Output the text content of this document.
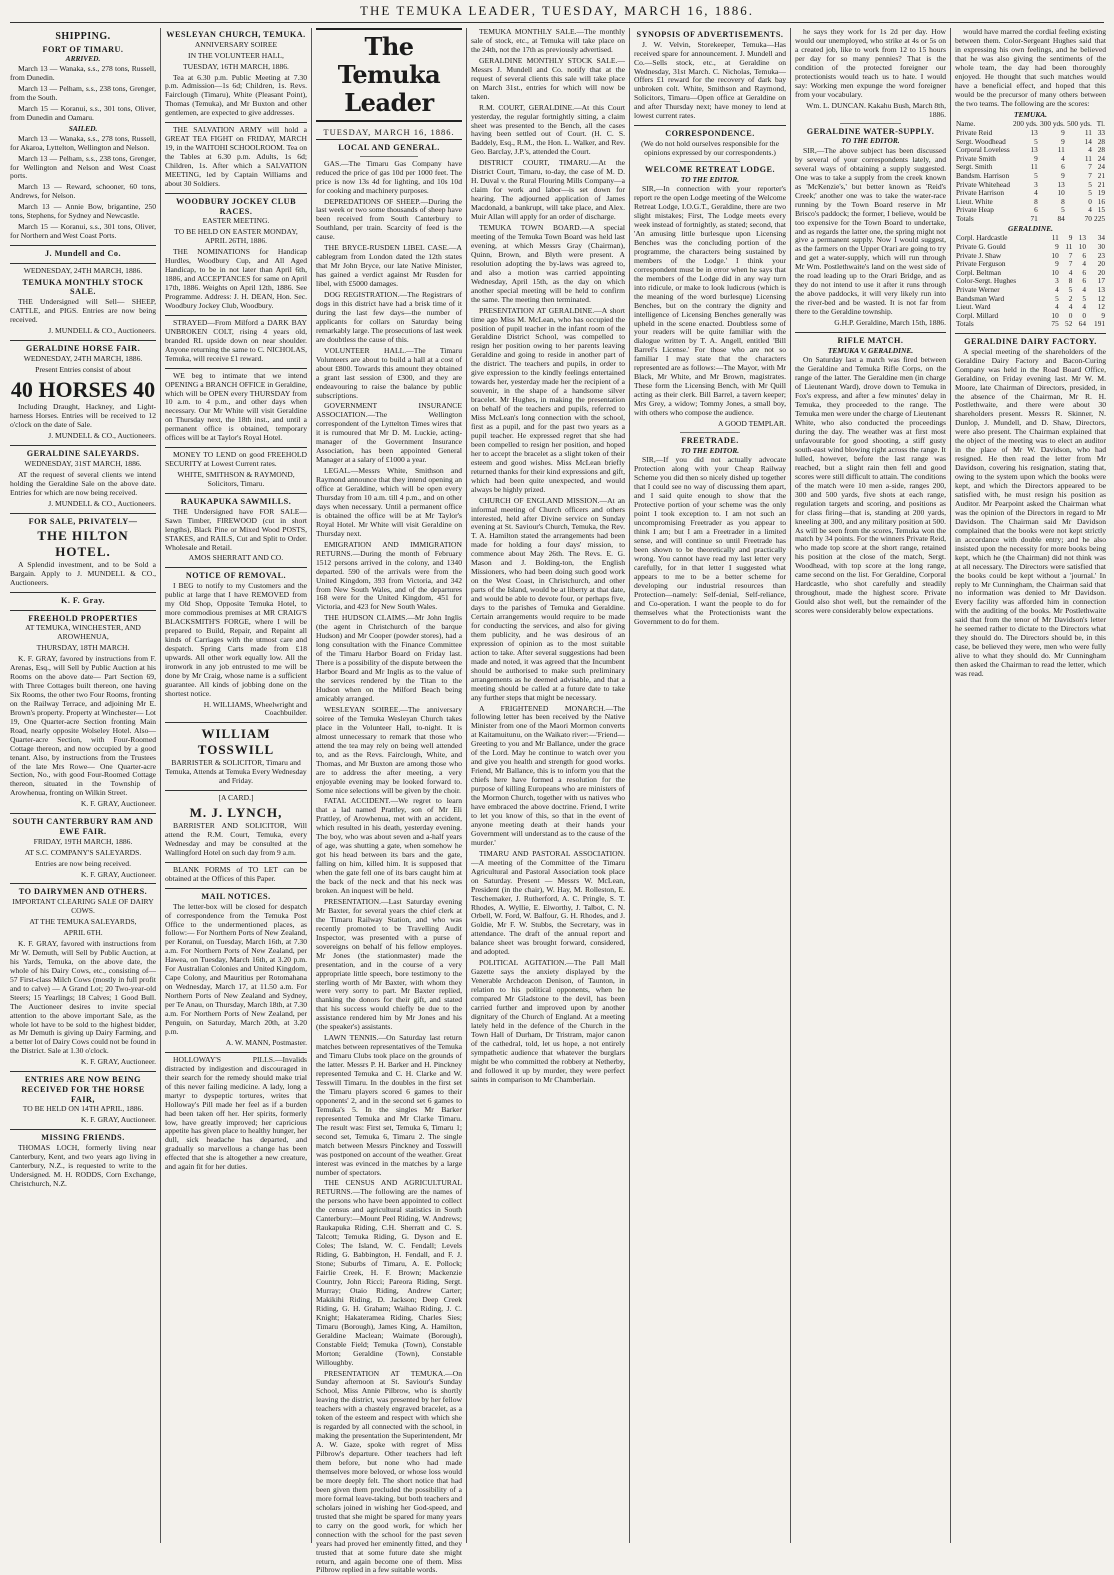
THE TEMUKA LEADER, TUESDAY, MARCH 16, 1886.
SHIPPING.
FORT OF TIMARU.
ARRIVED.

March 13 — Wanaka, s.s., 278 tons, Russell, from Dunedin.

March 13 — Pelham, s.s., 238 tons, Grenger, from the South.

March 15 — Koranui, s.s., 301 tons, Oliver, from Dunedin and Oamaru.

SAILED.

March 13 — Wanaka, s.s., 278 tons, Russell, for Akaroa, Lyttelton, Wellington and Nelson.

March 13 — Pelham, s.s., 238 tons, Grenger, for Wellington and Nelson and West Coast ports.

March 13 — Reward, schooner, 60 tons, Andrews, for Nelson.

March 13 — Annie Bow, brigantine, 250 tons, Stephens, for Sydney and Newcastle.

March 15 — Koranui, s.s., 301 tons, Oliver, for Northern and West Coast Ports.

J. Mundell and Co.

WEDNESDAY, 24TH MARCH, 1886.

TEMUKA MONTHLY STOCK SALE.

THE Undersigned will Sell— SHEEP, CATTLE, and PIGS. Entries are now being received.

J. MUNDELL & CO., Auctioneers.

GERALDINE HORSE FAIR.

WEDNESDAY, 24TH MARCH, 1886.

Present Entries consist of about

40 HORSES 40

Including Draught, Hackney, and Light-harness Horses. Entries will be received to 12 o'clock on the date of Sale.

J. MUNDELL & CO., Auctioneers.

GERALDINE SALEYARDS.

WEDNESDAY, 31ST MARCH, 1886.

AT the request of several clients we intend holding the Geraldine Sale on the above date. Entries for which are now being received.

J. MUNDELL & CO., Auctioneers.

FOR SALE, PRIVATELY—

THE HILTON HOTEL.

A Splendid investment, and to be Sold a Bargain. Apply to J. MUNDELL & CO., Auctioneers.

K. F. Gray.
FREEHOLD PROPERTIES

AT TEMUKA, WINCHESTER, AND AROWHENUA,

THURSDAY, 18TH MARCH.

K. F. GRAY, favored by instructions from F. Arenas, Esq., will Sell by Public Auction at his Rooms on the above date— Part Section 69, with Three Cottages built thereon, one having Six Rooms, the other two Four Rooms, fronting on the Railway Terrace, and adjoining Mr E. Brown's property. Property at Winchester— Lot 19, One Quarter-acre Section fronting Main Road, nearly opposite Wolseley Hotel. Also— Quarter-acre Section, with Four-Roomed Cottage thereon, and now occupied by a good tenant. Also, by instructions from the Trustees of the late Mrs Rowe— One Quarter-acre Section, No., with good Four-Roomed Cottage thereon, situated in the Township of Arowhenua, fronting on Wilkin Street.

K. F. GRAY, Auctioneer.

SOUTH CANTERBURY RAM AND EWE FAIR.

FRIDAY, 19TH MARCH, 1886.

AT S.C. COMPANY'S SALEYARDS.

Entries are now being received.

K. F. GRAY, Auctioneer.

TO DAIRYMEN AND OTHERS.

IMPORTANT CLEARING SALE OF DAIRY COWS.

AT THE TEMUKA SALEYARDS,

APRIL 6TH.

K. F. GRAY, favored with instructions from Mr W. Demuth, will Sell by Public Auction, at his Yards, Temuka, on the above date, the whole of his Dairy Cows, etc., consisting of— 57 First-class Milch Cows (mostly in full profit and to calve) — A Grand Lot; 20 Two-year-old Steers; 15 Yearlings; 18 Calves; 1 Good Bull. The Auctioneer desires to invite special attention to the above important Sale, as the whole lot have to be sold to the highest bidder, as Mr Demuth is giving up Dairy Farming, and a better lot of Dairy Cows could not be found in the District. Sale at 1.30 o'clock.

K. F. GRAY, Auctioneer.

ENTRIES ARE NOW BEING RECEIVED FOR THE HORSE FAIR,

TO BE HELD ON 14TH APRIL, 1886.

K. F. GRAY, Auctioneer.

MISSING FRIENDS.

THOMAS LOCH, formerly living near Canterbury, Kent, and two years ago living in Canterbury, N.Z., is requested to write to the Undersigned. M. H. RODDS, Corn Exchange, Christchurch, N.Z.

WESLEYAN CHURCH, TEMUKA.

ANNIVERSARY SOIREE

IN THE VOLUNTEER HALL,

TUESDAY, 16TH MARCH, 1886.

Tea at 6.30 p.m. Public Meeting at 7.30 p.m. Admission—1s 6d; Children, 1s. Revs. Fairclough (Timaru), White (Pleasant Point), Thomas (Temuka), and Mr Buxton and other gentlemen, are expected to give addresses.

THE SALVATION ARMY will hold a GREAT TEA FIGHT on FRIDAY, MARCH 19, in the WAITOHI SCHOOLROOM. Tea on the Tables at 6.30 p.m. Adults, 1s 6d; Children, 1s. After which a SALVATION MEETING, led by Captain Williams and about 30 Soldiers.

WOODBURY JOCKEY CLUB RACES.

EASTER MEETING.

TO BE HELD ON EASTER MONDAY, APRIL 26TH, 1886.

THE NOMINATIONS for Handicap Hurdles, Woodbury Cup, and All Aged Handicap, to be in not later than April 6th, 1886, and ACCEPTANCES for same on April 17th, 1886. Weights on April 12th, 1886. See Programme. Address: J. H. DEAN, Hon. Sec. Woodbury Jockey Club, Woodbury.

STRAYED—From Milford a DARK BAY UNBROKEN COLT, rising 4 years old, branded RL upside down on near shoulder. Anyone returning the same to C. NICHOLAS, Temuka, will receive £1 reward.

WE beg to intimate that we intend OPENING a BRANCH OFFICE in Geraldine, which will be OPEN every THURSDAY from 10 a.m. to 4 p.m., and other days when necessary. Our Mr White will visit Geraldine on Thursday next, the 18th inst., and until a permanent office is obtained, temporary offices will be at Taylor's Royal Hotel.

MONEY TO LEND on good FREEHOLD SECURITY at Lowest Current rates.

WHITE, SMITHSON & RAYMOND, Solicitors, Timaru.

RAUKAPUKA SAWMILLS.

THE Undersigned have FOR SALE— Sawn Timber, FIREWOOD (cut in short lengths), Black Pine or Mixed Wood POSTS, STAKES, and RAILS, Cut and Split to Order. Wholesale and Retail.

AMOS SHERRATT AND CO.

NOTICE OF REMOVAL.

I BEG to notify to my Customers and the public at large that I have REMOVED from my Old Shop, Opposite Temuka Hotel, to more commodious premises at MR CRAIG'S BLACKSMITH'S FORGE, where I will be prepared to Build, Repair, and Repaint all kinds of Carriages with the utmost care and despatch. Spring Carts made from £18 upwards. All other work equally low. All the ironwork in any job entrusted to me will be done by Mr Craig, whose name is a sufficient guarantee. All kinds of jobbing done on the shortest notice.

H. WILLIAMS, Wheelwright and Coachbuilder.

WILLIAM TOSSWILL

BARRISTER & SOLICITOR, Timaru and Temuka, Attends at Temuka Every Wednesday and Friday.

[A CARD.]

M. J. LYNCH,

BARRISTER AND SOLICITOR, Will attend the R.M. Court, Temuka, every Wednesday and may be consulted at the Wallingford Hotel on such day from 9 a.m.

BLANK FORMS of TO LET can be obtained at the Offices of this Paper.

MAIL NOTICES.

The letter-box will be closed for despatch of correspondence from the Temuka Post Office to the undermentioned places, as follow:— For Northern Ports of New Zealand, per Koranui, on Tuesday, March 16th, at 7.30 a.m. For Northern Ports of New Zealand, per Hawea, on Tuesday, March 16th, at 3.20 p.m. For Australian Colonies and United Kingdom, Cape Colony, and Mauritius per Rotomahana on Wednesday, March 17, at 11.50 a.m. For Northern Ports of New Zealand and Sydney, per Te Anau, on Thursday, March 18th, at 7.30 a.m. For Northern Ports of New Zealand, per Penguin, on Saturday, March 20th, at 3.20 p.m.

A. W. MANN, Postmaster.

HOLLOWAY'S PILLS.—Invalids distracted by indigestion and discouraged in their search for the remedy should make trial of this never failing medicine. A lady, long a martyr to dyspeptic tortures, writes that Holloway's Pill made her feel as if a burden had been taken off her. Her spirits, formerly low, have greatly improved; her capricious appetite has given place to healthy hunger, her dull, sick headache has departed, and gradually so marvellous a change has been effected that she is altogether a new creature, and again fit for her duties.

The Temuka Leader
TUESDAY, MARCH 16, 1886.
LOCAL AND GENERAL.

GAS.—The Timaru Gas Company have reduced the price of gas 10d per 1000 feet. The price is now 13s 4d for lighting, and 10s 10d for cooking and machinery purposes.

DEPREDATIONS OF SHEEP.—During the last week or two some thousands of sheep have been received from South Canterbury to Southland, per train. Scarcity of feed is the cause.

THE BRYCE-RUSDEN LIBEL CASE.—A cablegram from London dated the 12th states that Mr John Bryce, our late Native Minister, has gained a verdict against Mr Rusden for libel, with £5000 damages.

DOG REGISTRATION.—The Registrars of dogs in this district have had a brisk time of it during the last few days—the number of applicants for collars on Saturday being remarkably large. The prosecutions of last week are doubtless the cause of this.

VOLUNTEER HALL.—The Timaru Volunteers are about to build a hall at a cost of about £800. Towards this amount they obtained a grant last session of £300, and they are endeavouring to raise the balance by public subscriptions.

GOVERNMENT INSURANCE ASSOCIATION.—The Wellington correspondent of the Lyttelton Times wires that it is rumoured that Mr D. M. Luckie, acting-manager of the Government Insurance Association, has been appointed General Manager at a salary of £1000 a year.

LEGAL.—Messrs White, Smithson and Raymond announce that they intend opening an office at Geraldine, which will be open every Thursday from 10 a.m. till 4 p.m., and on other days when necessary. Until a permanent office is obtained the office will be at Mr Taylor's Royal Hotel. Mr White will visit Geraldine on Thursday next.

EMIGRATION AND IMMIGRATION RETURNS.—During the month of February 1512 persons arrived in the colony, and 1340 departed. 590 of the arrivals were from the United Kingdom, 393 from Victoria, and 342 from New South Wales, and of the departures 168 were for the United Kingdom, 451 for Victoria, and 423 for New South Wales.

THE HUDSON CLAIMS.—Mr John Inglis (the agent in Christchurch of the barque Hudson) and Mr Cooper (powder stores), had a long consultation with the Finance Committee of the Timaru Harbor Board on Friday last. There is a possibility of the dispute between the Harbor Board and Mr Inglis as to the value of the services rendered by the Titan to the Hudson when on the Milford Beach being amicably arranged.

WESLEYAN SOIREE.—The anniversary soiree of the Temuka Wesleyan Church takes place in the Volunteer Hall, to-night. It is almost unnecessary to remark that those who attend the tea may rely on being well attended to, and as the Revs. Fairclough, White, and Thomas, and Mr Buxton are among those who are to address the after meeting, a very enjoyable evening may be looked forward to. Some nice selections will be given by the choir.

FATAL ACCIDENT.—We regret to learn that a lad named Prattley, son of Mr Eli Prattley, of Arowhenua, met with an accident, which resulted in his death, yesterday evening. The boy, who was about seven and a-half years of age, was shutting a gate, when somehow he got his head between its bars and the gate, falling on him, killed him. It is supposed that when the gate fell one of its bars caught him at the back of the neck and that his neck was broken. An inquest will be held.

PRESENTATION.—Last Saturday evening Mr Baxter, for several years the chief clerk at the Timaru Railway Station, and who was recently promoted to be Travelling Audit Inspector, was presented with a purse of sovereigns on behalf of his fellow employes. Mr Jones (the stationmaster) made the presentation, and in the course of a very appropriate little speech, bore testimony to the sterling worth of Mr Baxter, with whom they were very sorry to part. Mr Baxter replied, thanking the donors for their gift, and stated that his success would chiefly be due to the assistance rendered him by Mr Jones and his (the speaker's) assistants.

LAWN TENNIS.—On Saturday last return matches between representatives of the Temuka and Timaru Clubs took place on the grounds of the latter. Messrs P. H. Barker and H. Pinckney represented Temuka and C. H. Clarke and W. Tesswill Timaru. In the doubles in the first set the Timaru players scored 6 games to their opponents' 2, and in the second set 6 games to Temuka's 5. In the singles Mr Barker represented Temuka and Mr Clarke Timaru. The result was: First set, Temuka 6, Timaru 1; second set, Temuka 6, Timaru 2. The single match between Messrs Pinckney and Tosswill was postponed on account of the weather. Great interest was evinced in the matches by a large number of spectators.

THE CENSUS AND AGRICULTURAL RETURNS.—The following are the names of the persons who have been appointed to collect the census and agricultural statistics in South Canterbury:—Mount Peel Riding, W. Andrews; Raukapuka Riding, C.H. Sherratt and C. S. Talcott; Temuka Riding, G. Dyson and E. Coles; The Island, W. C. Fendall; Levels Riding, G. Babbington, H. Fendall, and F. J. Stone; Suburbs of Timaru, A. E. Pollock; Fairlie Creek, H. F. Brown; Mackenzie Country, John Ricci; Pareora Riding, Sergt. Murray; Otaio Riding, Andrew Carter; Makikihi Riding, D. Jackson; Deep Creek Riding, G. H. Graham; Waihao Riding, J. C. Knight; Hakateramea Riding, Charles Sies; Timaru (Borough), James King, A. Hamilton, Geraldine Maclean; Waimate (Borough), Constable Field; Temuka (Town), Constable Morton; Geraldine (Town), Constable Willoughby.

PRESENTATION AT TEMUKA.—On Sunday afternoon at St. Saviour's Sunday School, Miss Annie Pilbrow, who is shortly leaving the district, was presented by her fellow teachers with a chastely engraved bracelet, as a token of the esteem and respect with which she is regarded by all connected with the school, in making the presentation the Superintendent, Mr A. W. Gaze, spoke with regret of Miss Pilbrow's departure. Other teachers had left them before, but none who had made themselves more beloved, or whose loss would be more deeply felt. The short notice that had been given them precluded the possibility of a more formal leave-taking, but both teachers and scholars joined in wishing her God-speed, and trusted that she might be spared for many years to carry on the good work, for which her connection with the school for the past seven years had proved her eminently fitted, and they trusted that at some future date she might return, and again become one of them. Miss Pilbrow replied in a few suitable words.

TEMUKA MONTHLY SALE.—The monthly sale of stock, etc., at Temuka will take place on the 24th, not the 17th as previously advertised.

GERALDINE MONTHLY STOCK SALE.—Messrs J. Mundell and Co. notify that at the request of several clients this sale will take place on March 31st., entries for which will now be taken.

R.M. COURT, GERALDINE.—At this Court yesterday, the regular fortnightly sitting, a claim sheet was presented to the Bench, all the cases having been settled out of Court. (H. C. S. Baddely, Esq., R.M., the Hon. L. Walker, and Rev. Geo. Barclay, J.P.'s, attended the Court.

DISTRICT COURT, TIMARU.—At the District Court, Timaru, to-day, the case of M. D. H. Duval v. the Rural Flouring Mills Company—a claim for work and labor—is set down for hearing. The adjourned application of James Macdonald, a bankrupt, will take place, and Alex. Muir Allan will apply for an order of discharge.

TEMUKA TOWN BOARD.—A special meeting of the Temuka Town Board was held last evening, at which Messrs Gray (Chairman), Quinn, Brown, and Blyth were present. A resolution adopting the by-laws was agreed to, and also a motion was carried appointing Wednesday, April 15th, as the day on which another special meeting will be held to confirm the same. The meeting then terminated.

PRESENTATION AT GERALDINE.—A short time ago Miss M. McLean, who has occupied the position of pupil teacher in the infant room of the Geraldine District School, was compelled to resign her position owing to her parents leaving Geraldine and going to reside in another part of the district. The teachers and pupils, in order to give expression to the kindly feelings entertained towards her, yesterday made her the recipient of a souvenir, in the shape of a handsome silver bracelet. Mr Hughes, in making the presentation on behalf of the teachers and pupils, referred to Miss McLean's long connection with the school, first as a pupil, and for the past two years as a pupil teacher. He expressed regret that she had been compelled to resign her position, and hoped her to accept the bracelet as a slight token of their esteem and good wishes. Miss McLean briefly returned thanks for their kind expressions and gift, which had been quite unexpected, and would always be highly prized.

CHURCH OF ENGLAND MISSION.—At an informal meeting of Church officers and others interested, held after Divine service on Sunday evening at St. Saviour's Church, Temuka, the Rev. T. A. Hamilton stated the arrangements had been made for holding a four days' mission, to commence about May 26th. The Revs. E. G. Mason and J. Bolding-ton, the English Missioners, who had been doing such good work on the West Coast, in Christchurch, and other parts of the Island, would be at liberty at that date, and would be able to devote four, or perhaps five, days to the parishes of Temuka and Geraldine. Certain arrangements would require to be made for conducting the services, and also for giving them publicity, and he was desirous of an expression of opinion as to the most suitable action to take. After several suggestions had been made and noted, it was agreed that the Incumbent should be authorised to make such preliminary arrangements as he deemed advisable, and that a meeting should be called at a future date to take any further steps that might be necessary.

A FRIGHTENED MONARCH.—The following letter has been received by the Native Minister from one of the Maori Mormon converts at Kaitamuitunu, on the Waikato river:—'Friend—Greeting to you and Mr Ballance, under the grace of the Lord. May he continue to watch over you and give you health and strength for good works. Friend, Mr Ballance, this is to inform you that the chiefs here have formed a resolution for the purpose of killing Europeans who are ministers of the Mormon Church, together with us natives who have embraced the above doctrine. Friend, I write to let you know of this, so that in the event of anyone meeting death at their hands your Government will understand as to the cause of the murder.'

TIMARU AND PASTORAL ASSOCIATION.—A meeting of the Committee of the Timaru Agricultural and Pastoral Association took place on Saturday. Present — Messrs W. McLean, President (in the chair), W. Hay, M. Rolleston, E. Teschemaker, J. Rutherford, A. C. Pringle, S. T. Rhodes, A. Wyllie, E. Elworthy, J. Talbot, C. N. Orbell, W. Ford, W. Balfour, G. H. Rhodes, and J. Goldie, Mr F. W. Stubbs, the Secretary, was in attendance. The draft of the annual report and balance sheet was brought forward, considered, and adopted.

POLITICAL AGITATION.—The Pall Mall Gazette says the anxiety displayed by the Venerable Archdeacon Denison, of Taunton, in relation to his political opponents, when he compared Mr Gladstone to the devil, has been carried further and improved upon by another dignitary of the Church of England. At a meeting lately held in the defence of the Church in the Town Hall of Durham, Dr Tristram, major canon of the cathedral, told, let us hope, a not entirely sympathetic audience that whatever the burglars might be who committed the robbery at Netherby, and followed it up by murder, they were perfect saints in comparison to Mr Chamberlain.

SYNOPSIS OF ADVERTISEMENTS.

J. W. Velvin, Storekeeper, Temuka—Has received spare for announcement. J. Mundell and Co.—Sells stock, etc., at Geraldine on Wednesday, 31st March. C. Nicholas, Temuka—Offers £1 reward for the recovery of dark bay unbroken colt. White, Smithson and Raymond, Solicitors, Timaru—Open office at Geraldine on and after Thursday next; have money to lend at lowest current rates.

CORRESPONDENCE.

(We do not hold ourselves responsible for the opinions expressed by our correspondents.)

WELCOME RETREAT LODGE.
TO THE EDITOR.

SIR,—In connection with your reporter's report re the open Lodge meeting of the Welcome Retreat Lodge, I.O.G.T., Geraldine, there are two slight mistakes; First, The Lodge meets every week instead of fortnightly, as stated; second, that 'An amusing little burlesque upon Licensing Benches was the concluding portion of the programme, the characters being sustained by members of the Lodge.' I think your correspondent must be in error when he says that the members of the Lodge did in any way turn into ridicule, or make to look ludicrous (which is the meaning of the word burlesque) Licensing Benches, but on the contrary the dignity and intelligence of Licensing Benches generally was upheld in the scene enacted. Doubtless some of your readers will be quite familiar with the dialogue written by T. A. Angell, entitled 'Bill Barrel's License.' For those who are not so familiar I may state that the characters represented are as follows:—The Mayor, with Mr Black, Mr White, and Mr Brown, magistrates. These form the Licensing Bench, with Mr Quill acting as their clerk. Bill Barrel, a tavern keeper; Mrs Grey, a widow; Tommy Jones, a small boy, with others who compose the audience.

A GOOD TEMPLAR.

FREETRADE.
TO THE EDITOR.

SIR,—If you did not actually advocate Protection along with your Cheap Railway Scheme you did then so nicely dished up together that I could see no way of discussing them apart, and I said quite enough to show that the Protective portion of your scheme was the only point I took exception to. I am not such an uncompromising Freetrader as you appear to think I am; but I am a Freetrader in a limited sense, and will continue so until Freetrade has been shown to be theoretically and practically wrong. You cannot have read my last letter very carefully, for in that letter I suggested what appears to me to be a better scheme for developing our industrial resources than Protection—namely: Self-denial, Self-reliance, and Co-operation. I want the people to do for themselves what the Protectionists want the Government to do for them.

he says they work for 1s 2d per day. How would our unemployed, who strike at 4s or 5s on a created job, like to work from 12 to 15 hours per day for so many pennies? That is the condition of the protected foreigner our protectionists would teach us to hate. I would say: Working men expunge the word foreigner from your vocabulary.

Wm. L. DUNCAN. Kakahu Bush, March 8th, 1886.

GERALDINE WATER-SUPPLY.
TO THE EDITOR.

SIR,—The above subject has been discussed by several of your correspondents lately, and several ways of obtaining a supply suggested. One was to take a supply from the creek known as 'McKenzie's,' but better known as 'Reid's Creek;' another one was to take the water-race running by the Town Board reserve in Mr Brisco's paddock; the former, I believe, would be too expensive for the Town Board to undertake, and as regards the latter one, the spring might not give a permanent supply. Now I would suggest, as the farmers on the Upper Orari are going to try and get a water-supply, which will run through Mr Wm. Postlethwaite's land on the west side of the road leading up to the Orari Bridge, and as they do not intend to use it after it runs through the above paddocks, it will very likely run into the river-bed and be wasted. It is not far from there to the Geraldine township.

G.H.P. Geraldine, March 15th, 1886.

RIFLE MATCH.
TEMUKA V. GERALDINE.

On Saturday last a match was fired between the Geraldine and Temuka Rifle Corps, on the range of the latter. The Geraldine men (in charge of Lieutenant Ward), drove down to Temuka in Fox's express, and after a few minutes' delay in Temuka, they proceeded to the range. The Temuka men were under the charge of Lieutenant White, who also conducted the proceedings during the day. The weather was at first most unfavourable for good shooting, a stiff gusty south-east wind blowing right across the range. It lulled, however, before the last range was reached, but a slight rain then fell and good scores were still difficult to attain. The conditions of the match were 10 men a-side, ranges 200, 300 and 500 yards, five shots at each range, regulation targets and scoring, and positions as for class firing—that is, standing at 200 yards, kneeling at 300, and any military position at 500. As will be seen from the scores, Temuka won the match by 34 points. For the winners Private Reid, who made top score at the short range, retained his position at the close of the match, Sergt. Woodhead, with top score at the long range, came second on the list. For Geraldine, Corporal Hardcastle, who shot carefully and steadily throughout, made the highest score. Private Gould also shot well, but the remainder of the scores were considerably below expectations.

would have marred the cordial feeling existing between them. Color-Sergeant Hughes said that in expressing his own feelings, and he believed that he was also giving the sentiments of the whole team, the day had been thoroughly enjoyed. He thought that such matches would have a beneficial effect, and hoped that this would be the precursor of many others between the two teams. The following are the scores:

TEMUKA.
Name.	200 yds.	300 yds.	500 yds.	Tl.
Private Reid	13	9	11	33
Sergt. Woodhead	5	9	14	28
Corporal Loveless	13	11	4	28
Private Smith	9	4	11	24
Sergt. Smith	11	6	7	24
Bandsm. Harrison	5	9	7	21
Private Whitehead	3	13	5	21
Private Harrison	4	10	5	19
Lieut. White	8	8	0	16
Private Heap	6	5	4	15
Totals	71	84	70	225
GERALDINE.
Corpl. Hardcastle	11	9	13	34
Private G. Gould	9	11	10	30
Private J. Shaw	10	7	6	23
Private Ferguson	9	7	4	20
Corpl. Beltman	10	4	6	20
Color-Sergt. Hughes	3	8	6	17
Private Werner	4	5	4	13
Bandsman Ward	5	2	5	12
Lieut. Ward	4	4	4	12
Corpl. Millard	10	0	0	9
Totals	75	52	64	191
GERALDINE DAIRY FACTORY.

A special meeting of the shareholders of the Geraldine Dairy Factory and Bacon-Curing Company was held in the Road Board Office, Geraldine, on Friday evening last. Mr W. M. Moore, late Chairman of Directors, presided, in the absence of the Chairman, Mr R. H. Postlethwaite, and there were about 30 shareholders present. Messrs R. Skinner, N. Dunlop, J. Mundell, and D. Shaw, Directors, were also present. The Chairman explained that the object of the meeting was to elect an auditor in the place of Mr W. Davidson, who had resigned. He then read the letter from Mr Davidson, covering his resignation, stating that, owing to the system upon which the books were kept, and which the Directors appeared to be satisfied with, he must resign his position as Auditor. Mr Pearpoint asked the Chairman what was the opinion of the Directors in regard to Mr Davidson. The Chairman said Mr Davidson complained that the books were not kept strictly in accordance with double entry; and he also insisted upon the necessity for more books being kept, which he (the Chairman) did not think was at all necessary. The Directors were satisfied that the books could be kept without a 'journal.' In reply to Mr Cunningham, the Chairman said that no information was denied to Mr Davidson. Every facility was afforded him in connection with the auditing of the books. Mr Postlethwaite said that from the tenor of Mr Davidson's letter he seemed rather to dictate to the Directors what they should do. The Directors should be, in this case, be believed they were, men who were fully alive to what they should do. Mr Cunningham then asked the Chairman to read the letter, which was read.
